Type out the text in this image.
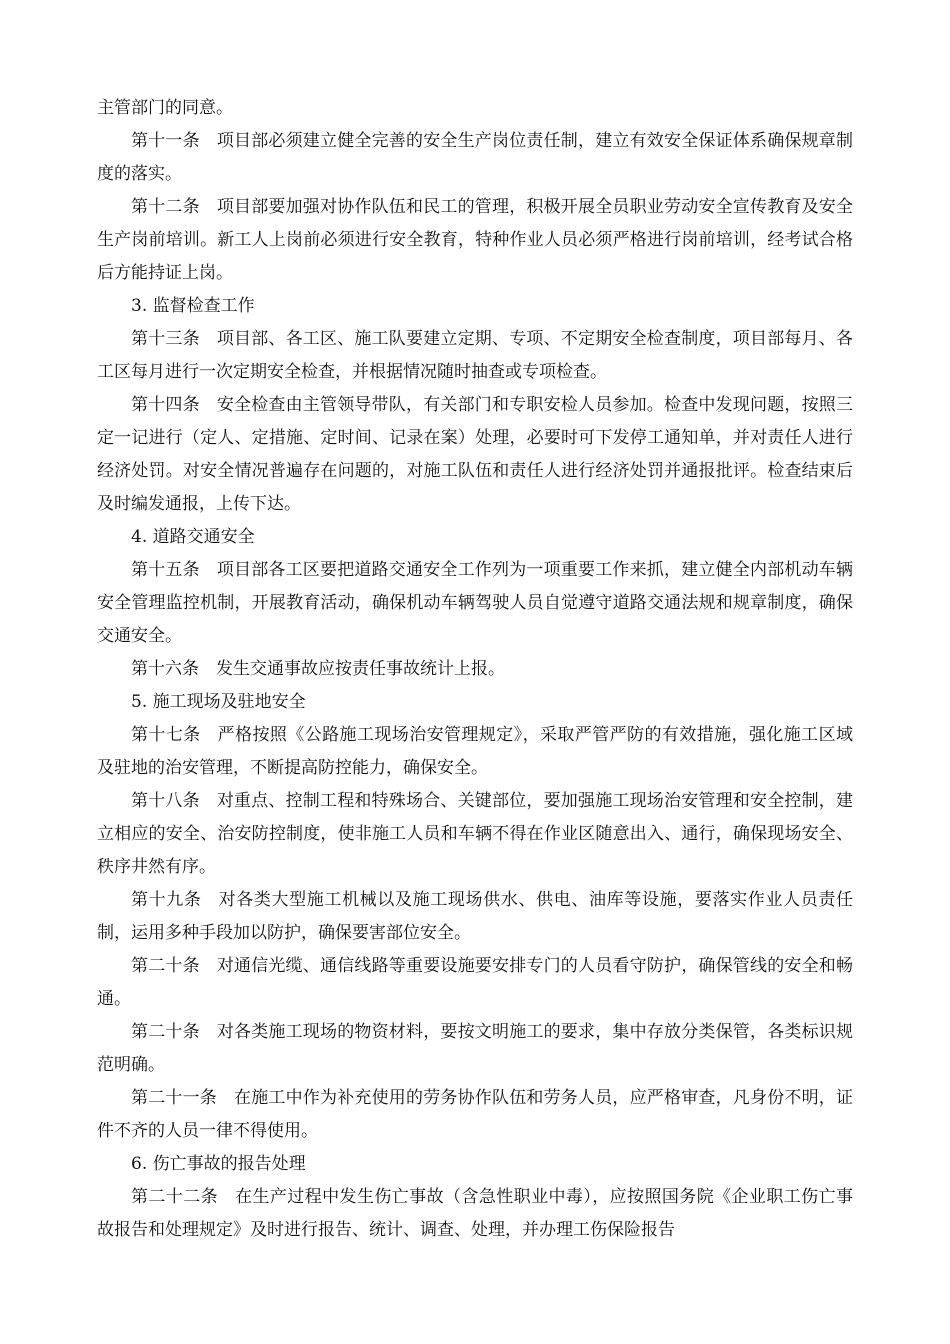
主管部门的同意。

第十一条 项目部必须建立健全完善的安全生产岗位责任制，建立有效安全保证体系确保规章制度的落实。

第十二条 项目部要加强对协作队伍和民工的管理，积极开展全员职业劳动安全宣传教育及安全生产岗前培训。新工人上岗前必须进行安全教育，特种作业人员必须严格进行岗前培训，经考试合格后方能持证上岗。

3. 监督检查工作

第十三条 项目部、各工区、施工队要建立定期、专项、不定期安全检查制度，项目部每月、各工区每月进行一次定期安全检查，并根据情况随时抽查或专项检查。

第十四条 安全检查由主管领导带队，有关部门和专职安检人员参加。检查中发现问题，按照三定一记进行（定人、定措施、定时间、记录在案）处理，必要时可下发停工通知单，并对责任人进行经济处罚。对安全情况普遍存在问题的，对施工队伍和责任人进行经济处罚并通报批评。检查结束后及时编发通报，上传下达。

4. 道路交通安全

第十五条 项目部各工区要把道路交通安全工作列为一项重要工作来抓，建立健全内部机动车辆安全管理监控机制，开展教育活动，确保机动车辆驾驶人员自觉遵守道路交通法规和规章制度，确保交通安全。

第十六条 发生交通事故应按责任事故统计上报。

5. 施工现场及驻地安全

第十七条 严格按照《公路施工现场治安管理规定》，采取严管严防的有效措施，强化施工区域及驻地的治安管理，不断提高防控能力，确保安全。

第十八条 对重点、控制工程和特殊场合、关键部位，要加强施工现场治安管理和安全控制，建立相应的安全、治安防控制度，使非施工人员和车辆不得在作业区随意出入、通行，确保现场安全、秩序井然有序。

第十九条 对各类大型施工机械以及施工现场供水、供电、油库等设施，要落实作业人员责任制，运用多种手段加以防护，确保要害部位安全。

第二十条 对通信光缆、通信线路等重要设施要安排专门的人员看守防护，确保管线的安全和畅通。

第二十条 对各类施工现场的物资材料，要按文明施工的要求，集中存放分类保管，各类标识规范明确。

第二十一条 在施工中作为补充使用的劳务协作队伍和劳务人员，应严格审查，凡身份不明，证件不齐的人员一律不得使用。

6. 伤亡事故的报告处理

第二十二条 在生产过程中发生伤亡事故（含急性职业中毒），应按照国务院《企业职工伤亡事故报告和处理规定》及时进行报告、统计、调查、处理，并办理工伤保险报告
